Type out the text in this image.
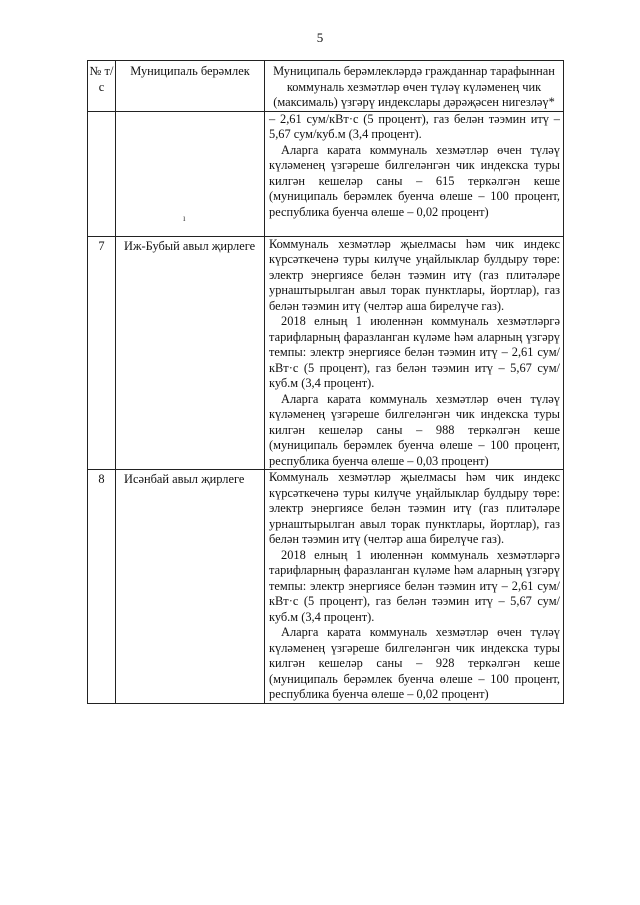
5
№ т/с	Муниципаль берәмлек	Муниципаль берәмлекләрдә гражданнар тарафыннан коммуналь хезмәтләр өчен түләү күләменең чик (максималь) үзгәрү индекслары дәрәҗәсен нигезләү*

		– 2,61 сум/кВт·с (5 процент), газ белән тәэмин итү – 5,67 сум/куб.м (3,4 процент).

Аларга карата коммуналь хезмәтләр өчен түләү күләменең үзгәреше билгеләнгән чик индекска туры килгән кешеләр саны – 615 теркәлгән кеше (муниципаль берәмлек буенча өлеше – 100 процент, республика буенча өлеше – 0,02 процент)

7	Иж-Бубый авыл җирлеге	Коммуналь хезмәтләр җыелмасы һәм чик индекс күрсәткеченә туры килүче уңайлыклар булдыру төре: электр энергиясе белән тәэмин итү (газ плитәләре урнаштырылган авыл торак пунктлары, йортлар), газ белән тәэмин итү (челтәр аша бирелүче газ).

2018 елның 1 июленнән коммуналь хезмәтләргә тарифларның фаразланган күләме һәм аларның үзгәрү темпы: электр энергиясе белән тәэмин итү – 2,61 сум/кВт·с (5 процент), газ белән тәэмин итү – 5,67 сум/куб.м (3,4 процент).

Аларга карата коммуналь хезмәтләр өчен түләү күләменең үзгәреше билгеләнгән чик индекска туры килгән кешеләр саны – 988 теркәлгән кеше (муниципаль берәмлек буенча өлеше – 100 процент, республика буенча өлеше – 0,03 процент)

8	Исәнбай авыл җирлеге	Коммуналь хезмәтләр җыелмасы һәм чик индекс күрсәткеченә туры килүче уңайлыклар булдыру төре: электр энергиясе белән тәэмин итү (газ плитәләре урнаштырылган авыл торак пунктлары, йортлар), газ белән тәэмин итү (челтәр аша бирелүче газ).

2018 елның 1 июленнән коммуналь хезмәтләргә тарифларның фаразланган күләме һәм аларның үзгәрү темпы: электр энергиясе белән тәэмин итү – 2,61 сум/кВт·с (5 процент), газ белән тәэмин итү – 5,67 сум/куб.м (3,4 процент).

Аларга карата коммуналь хезмәтләр өчен түләү күләменең үзгәреше билгеләнгән чик индекска туры килгән кешеләр саны – 928 теркәлгән кеше (муниципаль берәмлек буенча өлеше – 100 процент, республика буенча өлеше – 0,02 процент)

ı
